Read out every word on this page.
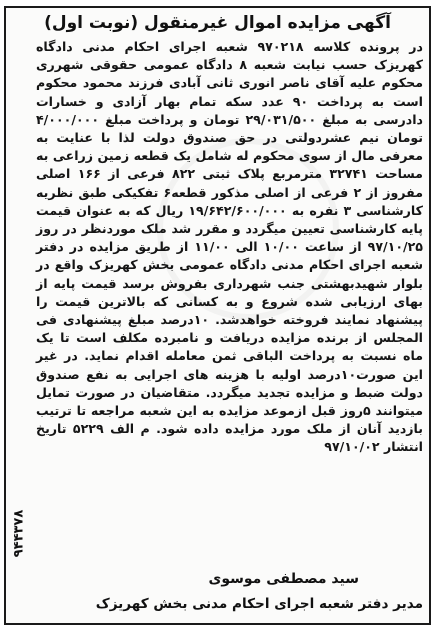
آگهی مزایده اموال غیرمنقول (نوبت اول)

در پرونده کلاسه ۹۷۰۲۱۸ شعبه اجرای احکام مدنی دادگاه کهریزک حسب نیابت شعبه ۸ دادگاه عمومی حقوقی شهرری محکوم علیه آقای ناصر انوری ثانی آبادی فرزند محمود محکوم است به پرداخت ۹۰ عدد سکه تمام بهار آزادی و خسارات دادرسی به مبلغ ۲۹/۰۳۱/۵۰۰ تومان و پرداخت مبلغ ۴/۰۰۰/۰۰۰ تومان نیم عشردولتی در حق صندوق دولت لذا با عنایت به معرفی مال از سوی محکوم له شامل یک قطعه زمین زراعی به مساحت ۳۲۷۴۱ مترمربع پلاک ثبتی ۸۲۲ فرعی از ۱۶۶ اصلی مفروز از ۲ فرعی از اصلی مذکور قطعه۶ تفکیکی طبق نظریه کارشناسی ۳ نفره به ۱۹/۶۴۲/۶۰۰/۰۰۰ ریال که به عنوان قیمت پایه کارشناسی تعیین میگردد و مقرر شد ملک موردنظر در روز ۹۷/۱۰/۲۵ از ساعت ۱۰/۰۰ الی ۱۱/۰۰ از طریق مزایده در دفتر شعبه اجرای احکام مدنی دادگاه عمومی بخش کهریزک واقع در بلوار شهیدبهشتی جنب شهرداری بفروش برسد قیمت پایه از بهای ارزیابی شده شروع و به کسانی که بالاترین قیمت را پیشنهاد نمایند فروخته خواهدشد. ۱۰درصد مبلغ پیشنهادی فی المجلس از برنده مزایده دریافت و نامبرده مکلف است تا یک ماه نسبت به پرداخت الباقی ثمن معامله اقدام نماید. در غیر این صورت۱۰درصد اولیه با هزینه های اجرایی به نفع صندوق دولت ضبط و مزایده تجدید میگردد. متقاضیان در صورت تمایل میتوانند ۵روز قبل ازموعد مزایده به این شعبه مراجعه تا ترتیب بازدید آنان از ملک مورد مزایده داده شود. م الف ۵۲۲۹ تاریخ انتشار ۹۷/۱۰/۰۲

۹۴۴۳۷۸
سید مصطفی موسوی
مدیر دفتر شعبه اجرای احکام مدنی بخش کهریزک
